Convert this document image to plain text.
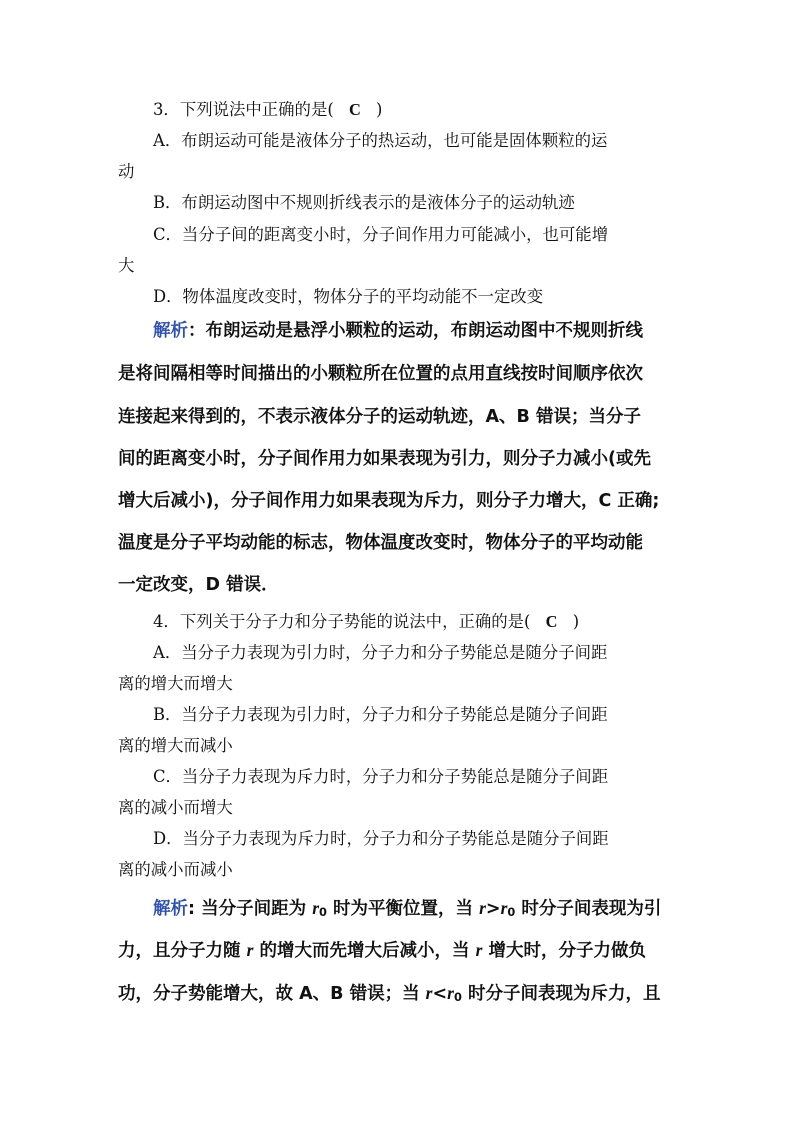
3．下列说法中正确的是( C )
A．布朗运动可能是液体分子的热运动，也可能是固体颗粒的运
动
B．布朗运动图中不规则折线表示的是液体分子的运动轨迹
C．当分子间的距离变小时，分子间作用力可能减小，也可能增
大
D．物体温度改变时，物体分子的平均动能不一定改变
解析：布朗运动是悬浮小颗粒的运动，布朗运动图中不规则折线
是将间隔相等时间描出的小颗粒所在位置的点用直线按时间顺序依次
连接起来得到的，不表示液体分子的运动轨迹，A、B 错误；当分子
间的距离变小时，分子间作用力如果表现为引力，则分子力减小(或先
增大后减小)，分子间作用力如果表现为斥力，则分子力增大，C 正确;
温度是分子平均动能的标志，物体温度改变时，物体分子的平均动能
一定改变，D 错误．
4．下列关于分子力和分子势能的说法中，正确的是( C )
A．当分子力表现为引力时，分子力和分子势能总是随分子间距
离的增大而增大
B．当分子力表现为引力时，分子力和分子势能总是随分子间距
离的增大而减小
C．当分子力表现为斥力时，分子力和分子势能总是随分子间距
离的减小而增大
D．当分子力表现为斥力时，分子力和分子势能总是随分子间距
离的减小而减小
解析: 当分子间距为 $r_0$ 时为平衡位置，当 $r>r_0$ 时分子间表现为引
力，且分子力随 r 的增大而先增大后减小，当 r 增大时，分子力做负
功，分子势能增大，故 A、B 错误；当 $r<r_0$ 时分子间表现为斥力，且
